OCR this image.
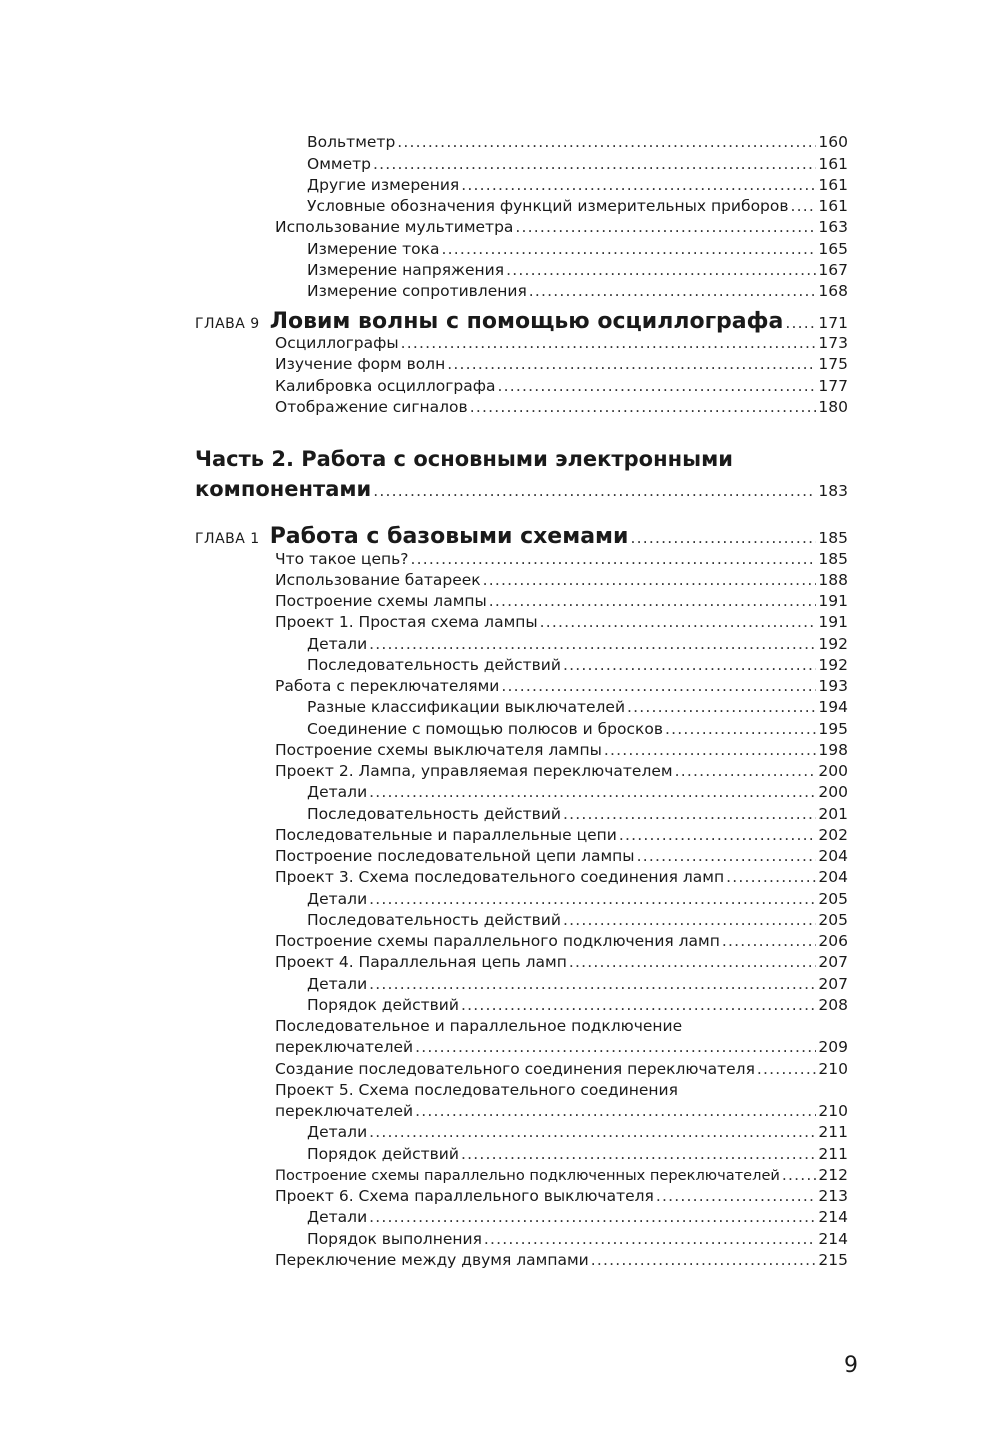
Вольтметр .....	160
Омметр .....	161
Другие измерения .....	161
Условные обозначения функций измерительных приборов ..... 161
Использование мультиметра .....	163
Измерение тока .....	165
Измерение напряжения .....	167
Измерение сопротивления .....	168
ГЛАВА 9 Ловим волны с помощью осциллографа ..... 171
Осциллографы .....	173
Изучение форм волн .....	175
Калибровка осциллографа .....	177
Отображение сигналов .....	180
Часть 2. Работа с основными электронными
компонентами .....	183
ГЛАВА 1 Работа с базовыми схемами .....	185
Что такое цепь? .....	185
Использование батареек .....	188
Построение схемы лампы .....	191
Проект 1. Простая схема лампы .....	191
Детали .....	192
Последовательность действий .....	192
Работа с переключателями .....	193
Разные классификации выключателей .....	194
Соединение с помощью полюсов и бросков .....	195
Построение схемы выключателя лампы .....	198
Проект 2. Лампа, управляемая переключателем .....	200
Детали .....	200
Последовательность действий .....	201
Последовательные и параллельные цепи .....	202
Построение последовательной цепи лампы .....	204
Проект 3. Схема последовательного соединения ламп .....	204
Детали .....	205
Последовательность действий .....	205
Построение схемы параллельного подключения ламп .....	206
Проект 4. Параллельная цепь ламп .....	207
Детали .....	207
Порядок действий .....	208
Последовательное и параллельное подключение
переключателей .....	209
Создание последовательного соединения переключателя .....	210
Проект 5. Схема последовательного соединения
переключателей .....	210
Детали .....	211
Порядок действий .....	211
Построение схемы параллельно подключенных переключателей ..... 212
Проект 6. Схема параллельного выключателя .....	213
Детали .....	214
Порядок выполнения .....	214
Переключение между двумя лампами .....	215
9
